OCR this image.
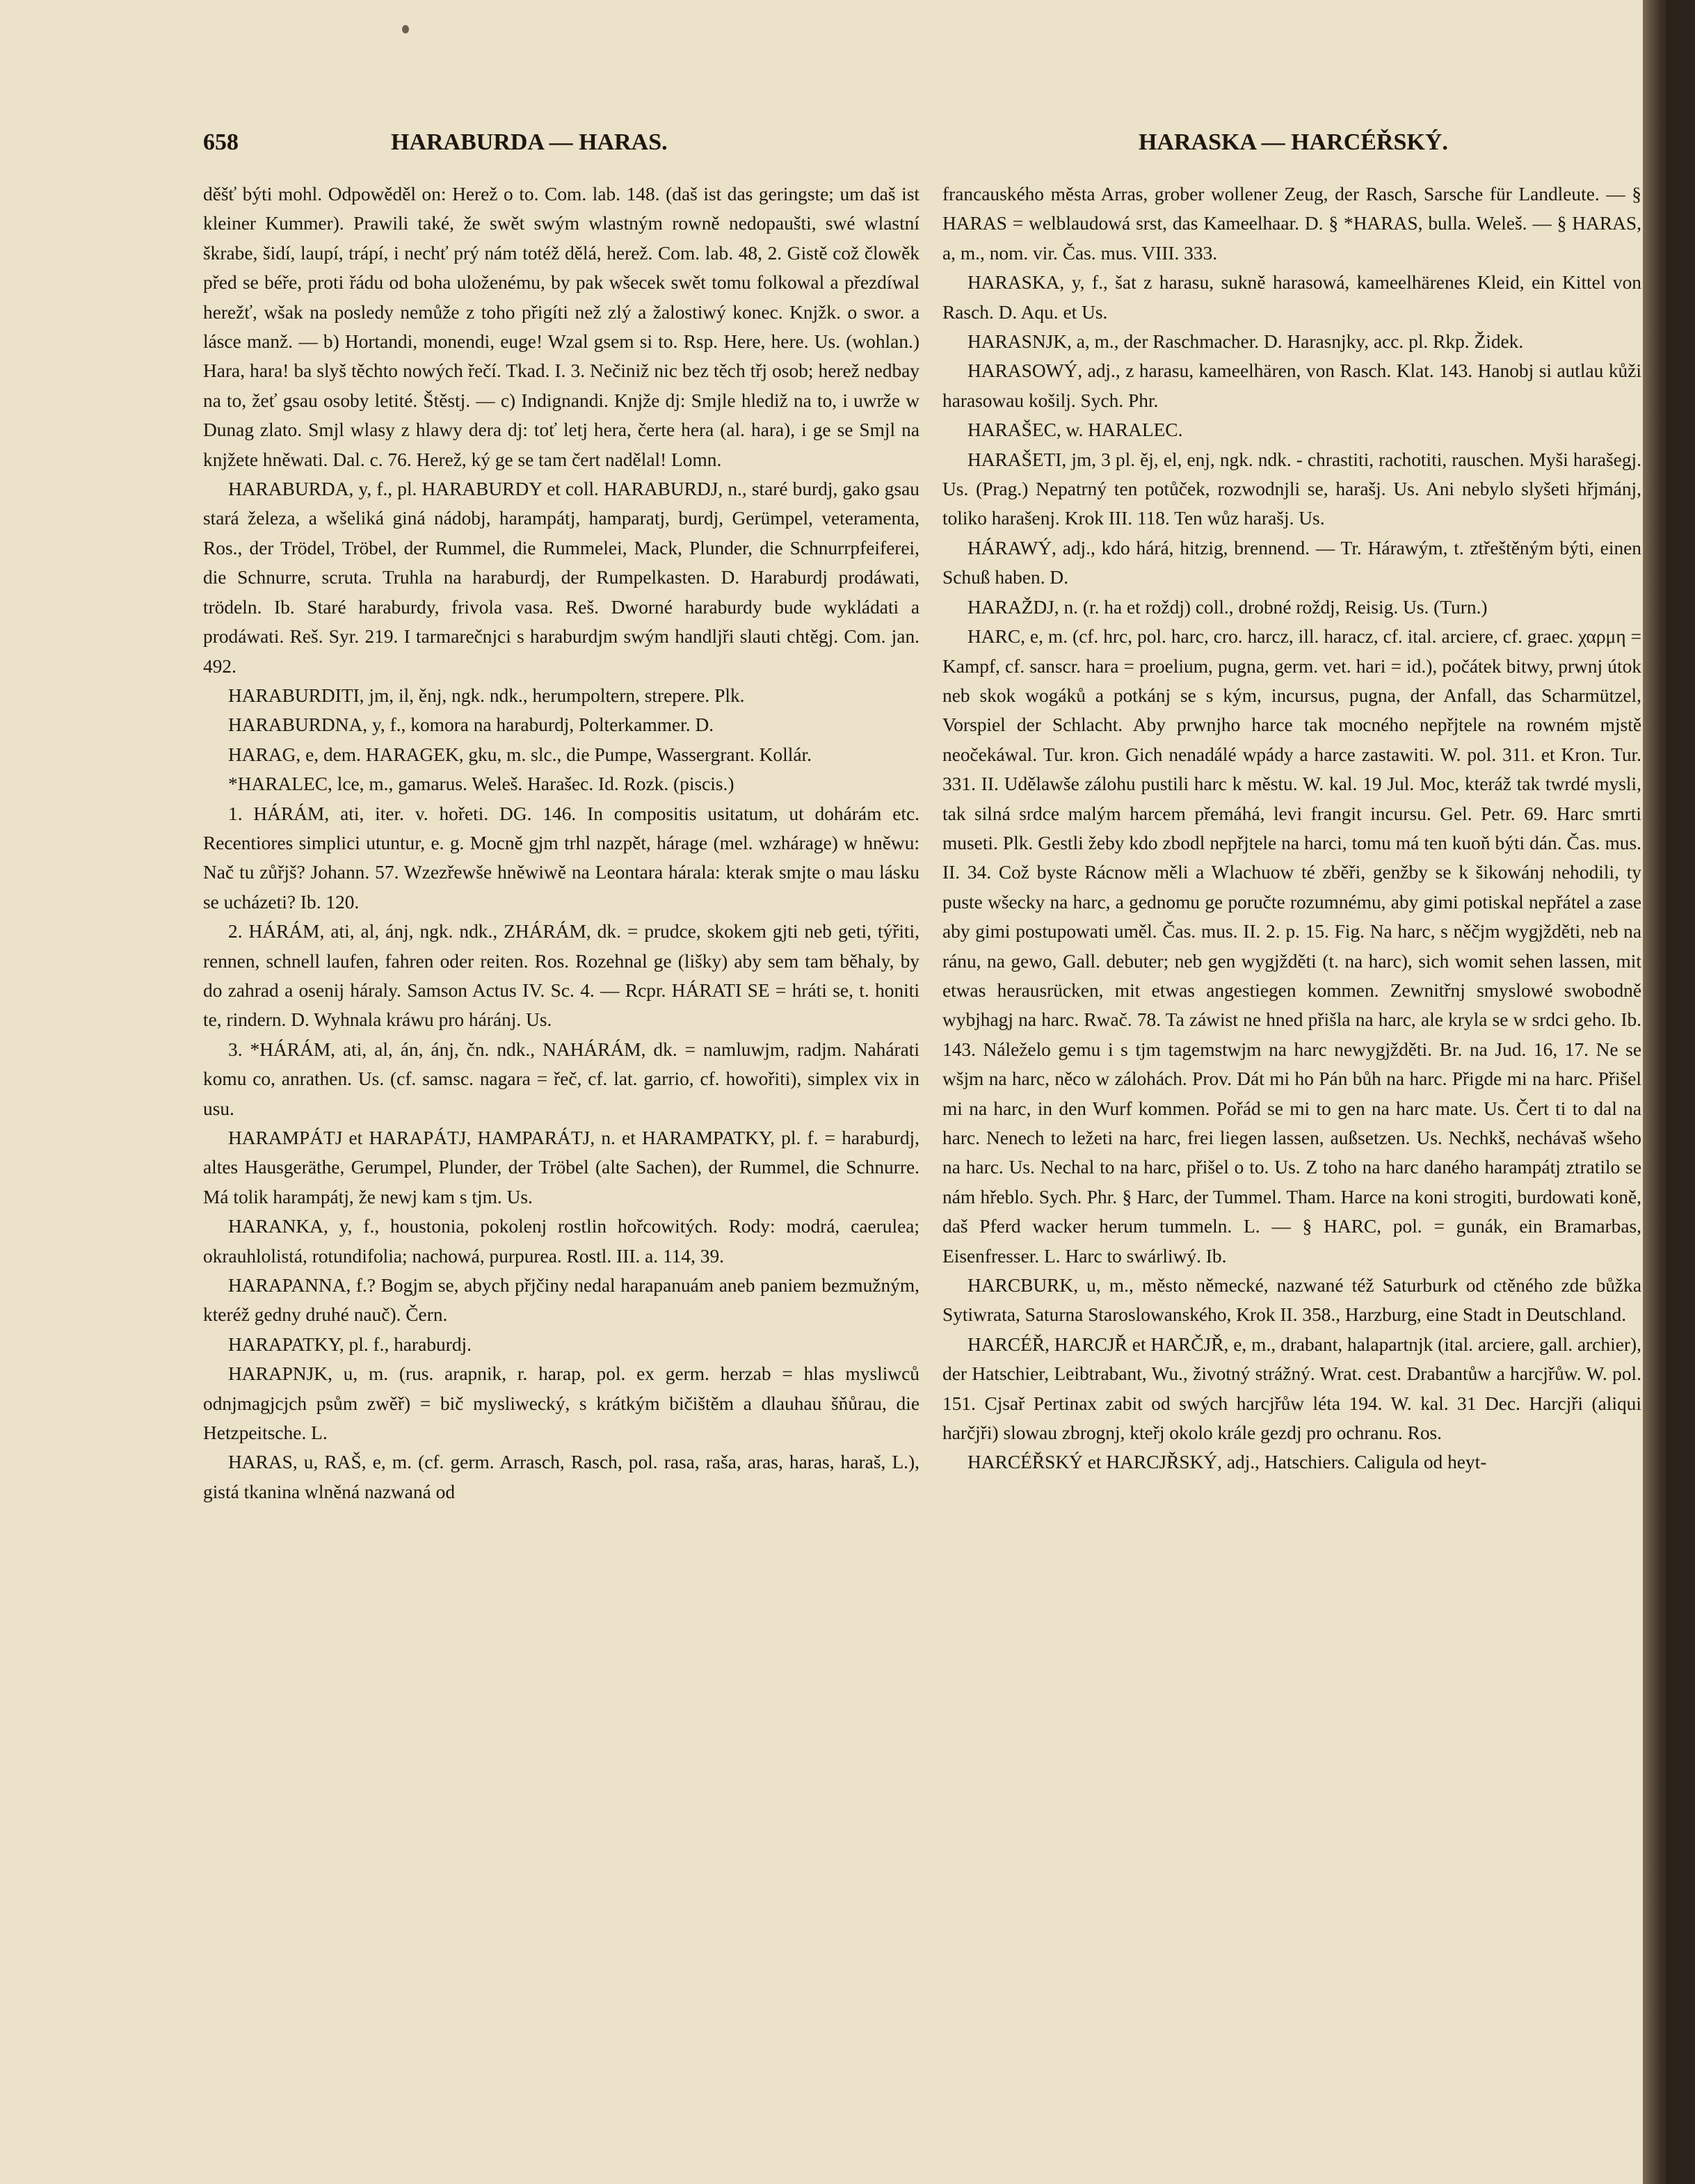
658	HARABURDA — HARAS.	HARASKA — HARCÉŘSKÝ.

děšť býti mohl. Odpowěděl on: Herež o to. Com. lab. 148. (daš ist das geringste; um daš ist kleiner Kummer). Prawili také, že swět swým wlastným rowně nedopaušti, swé wlastní škrabe, šidí, laupí, trápí, i nechť prý nám totéž dělá, herež. Com. lab. 48, 2. Gistě což člowěk před se béře, proti řádu od boha uloženému, by pak wšecek swět tomu folkowal a přezdíwal herežť, wšak na posledy nemůže z toho přigíti než zlý a žalostiwý konec. Knjžk. o swor. a lásce manž. — b) Hortandi, monendi, euge! Wzal gsem si to. Rsp. Here, here. Us. (wohlan.) Hara, hara! ba slyš těchto nowých řečí. Tkad. I. 3. Nečiniž nic bez těch třj osob; herež nedbay na to, žeť gsau osoby letité. Štěstj. — c) Indignandi. Knjže dj: Smjle hlediž na to, i uwrže w Dunag zlato. Smjl wlasy z hlawy dera dj: toť letj hera, čerte hera (al. hara), i ge se Smjl na knjžete hněwati. Dal. c. 76. Herež, ký ge se tam čert nadělal! Lomn.

HARABURDA, y, f., pl. HARABURDY et coll. HARABURDJ, n., staré burdj, gako gsau stará železa, a wšeliká giná nádobj, harampátj, hamparatj, burdj, Gerümpel, veteramenta, Ros., der Trödel, Tröbel, der Rummel, die Rummelei, Mack, Plunder, die Schnurrpfeiferei, die Schnurre, scruta. Truhla na haraburdj, der Rumpelkasten. D. Haraburdj prodáwati, trödeln. Ib. Staré haraburdy, frivola vasa. Reš. Dworné haraburdy bude wykládati a prodáwati. Reš. Syr. 219. I tarmarečnjci s haraburdjm swým handljři slauti chtěgj. Com. jan. 492.

HARABURDITI, jm, il, ěnj, ngk. ndk., herumpoltern, strepere. Plk.

HARABURDNA, y, f., komora na haraburdj, Polterkammer. D.

HARAG, e, dem. HARAGEK, gku, m. slc., die Pumpe, Wassergrant. Kollár.

*HARALEC, lce, m., gamarus. Weleš. Harašec. Id. Rozk. (piscis.)

1. HÁRÁM, ati, iter. v. hořeti. DG. 146. In compositis usitatum, ut dohárám etc. Recentiores simplici utuntur, e. g. Mocně gjm trhl nazpět, hárage (mel. wzhárage) w hněwu: Nač tu zůřjš? Johann. 57. Wzezřewše hněwiwě na Leontara hárala: kterak smjte o mau lásku se ucházeti? Ib. 120.

2. HÁRÁM, ati, al, ánj, ngk. ndk., ZHÁRÁM, dk. = prudce, skokem gjti neb geti, týřiti, rennen, schnell laufen, fahren oder reiten. Ros. Rozehnal ge (lišky) aby sem tam běhaly, by do zahrad a osenij háraly. Samson Actus IV. Sc. 4. — Rcpr. HÁRATI SE = hráti se, t. honiti te, rindern. D. Wyhnala kráwu pro háránj. Us.

3. *HÁRÁM, ati, al, án, ánj, čn. ndk., NAHÁRÁM, dk. = namluwjm, radjm. Nahárati komu co, anrathen. Us. (cf. samsc. nagara = řeč, cf. lat. garrio, cf. howořiti), simplex vix in usu.

HARAMPÁTJ et HARAPÁTJ, HAMPARÁTJ, n. et HARAMPATKY, pl. f. = haraburdj, altes Hausgeräthe, Gerumpel, Plunder, der Tröbel (alte Sachen), der Rummel, die Schnurre. Má tolik harampátj, že newj kam s tjm. Us.

HARANKA, y, f., houstonia, pokolenj rostlin hořcowitých. Rody: modrá, caerulea; okrauhlolistá, rotundifolia; nachowá, purpurea. Rostl. III. a. 114, 39.

HARAPANNA, f.? Bogjm se, abych přjčiny nedal harapanuám aneb paniem bezmužným, kteréž gedny druhé nauč). Čern.

HARAPATKY, pl. f., haraburdj.

HARAPNJK, u, m. (rus. arapnik, r. harap, pol. ex germ. herzab = hlas mysliwců odnjmagjcjch psům zwěř) = bič mysliwecký, s krátkým bičištěm a dlauhau šňůrau, die Hetzpeitsche. L.

HARAS, u, RAŠ, e, m. (cf. germ. Arrasch, Rasch, pol. rasa, raša, aras, haras, haraš, L.), gistá tkanina wlněná nazwaná od

francauského města Arras, grober wollener Zeug, der Rasch, Sarsche für Landleute. — § HARAS = welblaudowá srst, das Kameelhaar. D. § *HARAS, bulla. Weleš. — § HARAS, a, m., nom. vir. Čas. mus. VIII. 333.

HARASKA, y, f., šat z harasu, sukně harasowá, kameelhärenes Kleid, ein Kittel von Rasch. D. Aqu. et Us.

HARASNJK, a, m., der Raschmacher. D. Harasnjky, acc. pl. Rkp. Židek.

HARASOWÝ, adj., z harasu, kameelhären, von Rasch. Klat. 143. Hanobj si autlau kůži harasowau košilj. Sych. Phr.

HARAŠEC, w. HARALEC.

HARAŠETI, jm, 3 pl. ěj, el, enj, ngk. ndk. - chrastiti, rachotiti, rauschen. Myši harašegj. Us. (Prag.) Nepatrný ten potůček, rozwodnjli se, harašj. Us. Ani nebylo slyšeti hřjmánj, toliko harašenj. Krok III. 118. Ten wůz harašj. Us.

HÁRAWÝ, adj., kdo hárá, hitzig, brennend. — Tr. Hárawým, t. ztřeštěným býti, einen Schuß haben. D.

HARAŽDJ, n. (r. ha et roždj) coll., drobné roždj, Reisig. Us. (Turn.)

HARC, e, m. (cf. hrc, pol. harc, cro. harcz, ill. haracz, cf. ital. arciere, cf. graec. χαρμη = Kampf, cf. sanscr. hara = proelium, pugna, germ. vet. hari = id.), počátek bitwy, prwnj útok neb skok wogáků a potkánj se s kým, incursus, pugna, der Anfall, das Scharmützel, Vorspiel der Schlacht. Aby prwnjho harce tak mocného nepřjtele na rowném mjstě neočekáwal. Tur. kron. Gich nenadálé wpády a harce zastawiti. W. pol. 311. et Kron. Tur. 331. II. Udělawše zálohu pustili harc k městu. W. kal. 19 Jul. Moc, kteráž tak twrdé mysli, tak silná srdce malým harcem přemáhá, levi frangit incursu. Gel. Petr. 69. Harc smrti museti. Plk. Gestli žeby kdo zbodl nepřjtele na harci, tomu má ten kuoň býti dán. Čas. mus. II. 34. Což byste Rácnow měli a Wlachuow té zběři, genžby se k šikowánj nehodili, ty puste wšecky na harc, a gednomu ge poručte rozumnému, aby gimi potiskal nepřátel a zase aby gimi postupowati uměl. Čas. mus. II. 2. p. 15. Fig. Na harc, s něčjm wygjžděti, neb na ránu, na gewo, Gall. debuter; neb gen wygjžděti (t. na harc), sich womit sehen lassen, mit etwas herausrücken, mit etwas angestiegen kommen. Zewnitřnj smyslowé swobodně wybjhagj na harc. Rwač. 78. Ta záwist ne hned přišla na harc, ale kryla se w srdci geho. Ib. 143. Náleželo gemu i s tjm tagemstwjm na harc newygjžděti. Br. na Jud. 16, 17. Ne se wšjm na harc, něco w zálohách. Prov. Dát mi ho Pán bůh na harc. Přigde mi na harc. Přišel mi na harc, in den Wurf kommen. Pořád se mi to gen na harc mate. Us. Čert ti to dal na harc. Nenech to ležeti na harc, frei liegen lassen, außsetzen. Us. Nechkš, nechávaš wšeho na harc. Us. Nechal to na harc, přišel o to. Us. Z toho na harc daného harampátj ztratilo se nám hřeblo. Sych. Phr. § Harc, der Tummel. Tham. Harce na koni strogiti, burdowati koně, daš Pferd wacker herum tummeln. L. — § HARC, pol. = gunák, ein Bramarbas, Eisenfresser. L. Harc to swárliwý. Ib.

HARCBURK, u, m., město německé, nazwané též Saturburk od ctěného zde bůžka Sytiwrata, Saturna Staroslowanského, Krok II. 358., Harzburg, eine Stadt in Deutschland.

HARCÉŘ, HARCJŘ et HARČJŘ, e, m., drabant, halapartnjk (ital. arciere, gall. archier), der Hatschier, Leibtrabant, Wu., životný strážný. Wrat. cest. Drabantůw a harcjřůw. W. pol. 151. Cjsař Pertinax zabit od swých harcjřůw léta 194. W. kal. 31 Dec. Harcjři (aliqui harčjři) slowau zbrognj, kteřj okolo krále gezdj pro ochranu. Ros.

HARCÉŘSKÝ et HARCJŘSKÝ, adj., Hatschiers. Caligula od heyt-
